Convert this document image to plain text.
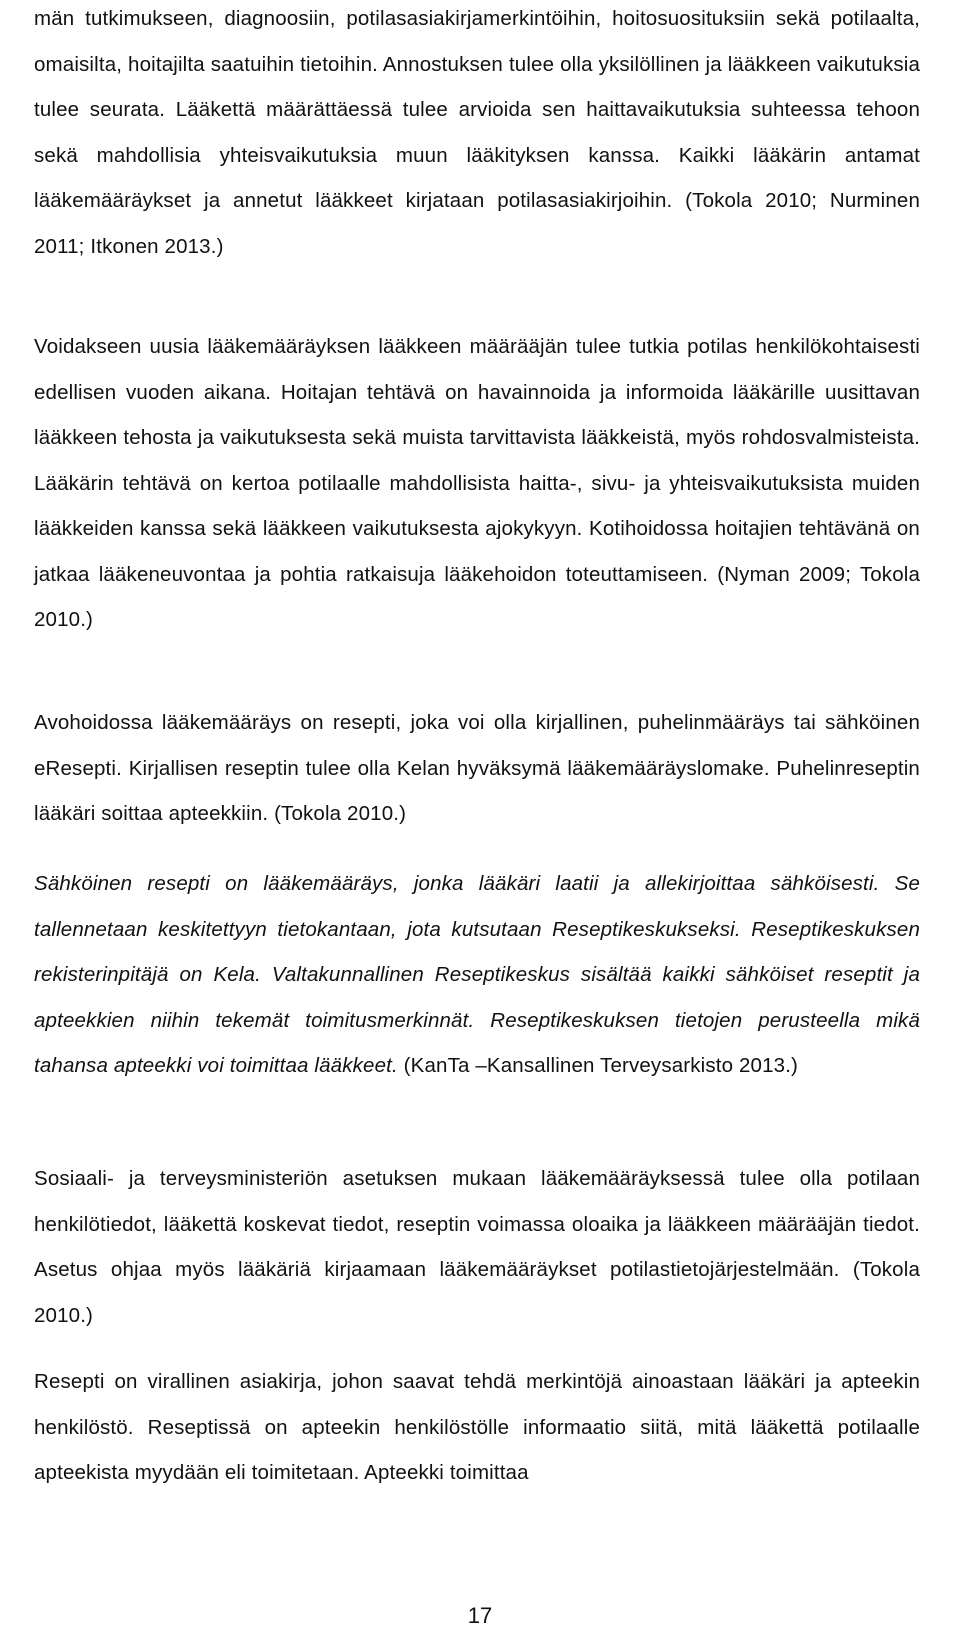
män tutkimukseen, diagnoosiin, potilasasiakirjamerkintöihin, hoitosuosituksiin sekä potilaalta, omaisilta, hoitajilta saatuihin tietoihin. Annostuksen tulee olla yksilöllinen ja lääkkeen vaikutuksia tulee seurata. Lääkettä määrättäessä tulee arvioida sen haittavaikutuksia suhteessa tehoon sekä mahdollisia yhteisvaikutuksia muun lääkityksen kanssa. Kaikki lääkärin antamat lääkemääräykset ja annetut lääkkeet kirjataan potilasasiakirjoihin. (Tokola 2010; Nurminen 2011; Itkonen 2013.)

Voidakseen uusia lääkemääräyksen lääkkeen määrääjän tulee tutkia potilas henkilökohtaisesti edellisen vuoden aikana. Hoitajan tehtävä on havainnoida ja informoida lääkärille uusittavan lääkkeen tehosta ja vaikutuksesta sekä muista tarvittavista lääkkeistä, myös rohdosvalmisteista. Lääkärin tehtävä on kertoa potilaalle mahdollisista haitta-, sivu- ja yhteisvaikutuksista muiden lääkkeiden kanssa sekä lääkkeen vaikutuksesta ajokykyyn. Kotihoidossa hoitajien tehtävänä on jatkaa lääkeneuvontaa ja pohtia ratkaisuja lääkehoidon toteuttamiseen. (Nyman 2009; Tokola 2010.)

Avohoidossa lääkemääräys on resepti, joka voi olla kirjallinen, puhelinmääräys tai sähköinen eResepti. Kirjallisen reseptin tulee olla Kelan hyväksymä lääkemääräyslomake. Puhelinreseptin lääkäri soittaa apteekkiin. (Tokola 2010.)

Sähköinen resepti on lääkemääräys, jonka lääkäri laatii ja allekirjoittaa sähköisesti. Se tallennetaan keskitettyyn tietokantaan, jota kutsutaan Reseptikeskukseksi. Reseptikeskuksen rekisterinpitäjä on Kela. Valtakunnallinen Reseptikeskus sisältää kaikki sähköiset reseptit ja apteekkien niihin tekemät toimitusmerkinnät. Reseptikeskuksen tietojen perusteella mikä tahansa apteekki voi toimittaa lääkkeet. (KanTa –Kansallinen Terveysarkisto 2013.)

Sosiaali- ja terveysministeriön asetuksen mukaan lääkemääräyksessä tulee olla potilaan henkilötiedot, lääkettä koskevat tiedot, reseptin voimassa oloaika ja lääkkeen määrääjän tiedot. Asetus ohjaa myös lääkäriä kirjaamaan lääkemääräykset potilastietojärjestelmään. (Tokola 2010.)

Resepti on virallinen asiakirja, johon saavat tehdä merkintöjä ainoastaan lääkäri ja apteekin henkilöstö. Reseptissä on apteekin henkilöstölle informaatio siitä, mitä lääkettä potilaalle apteekista myydään eli toimitetaan. Apteekki toimittaa

17
